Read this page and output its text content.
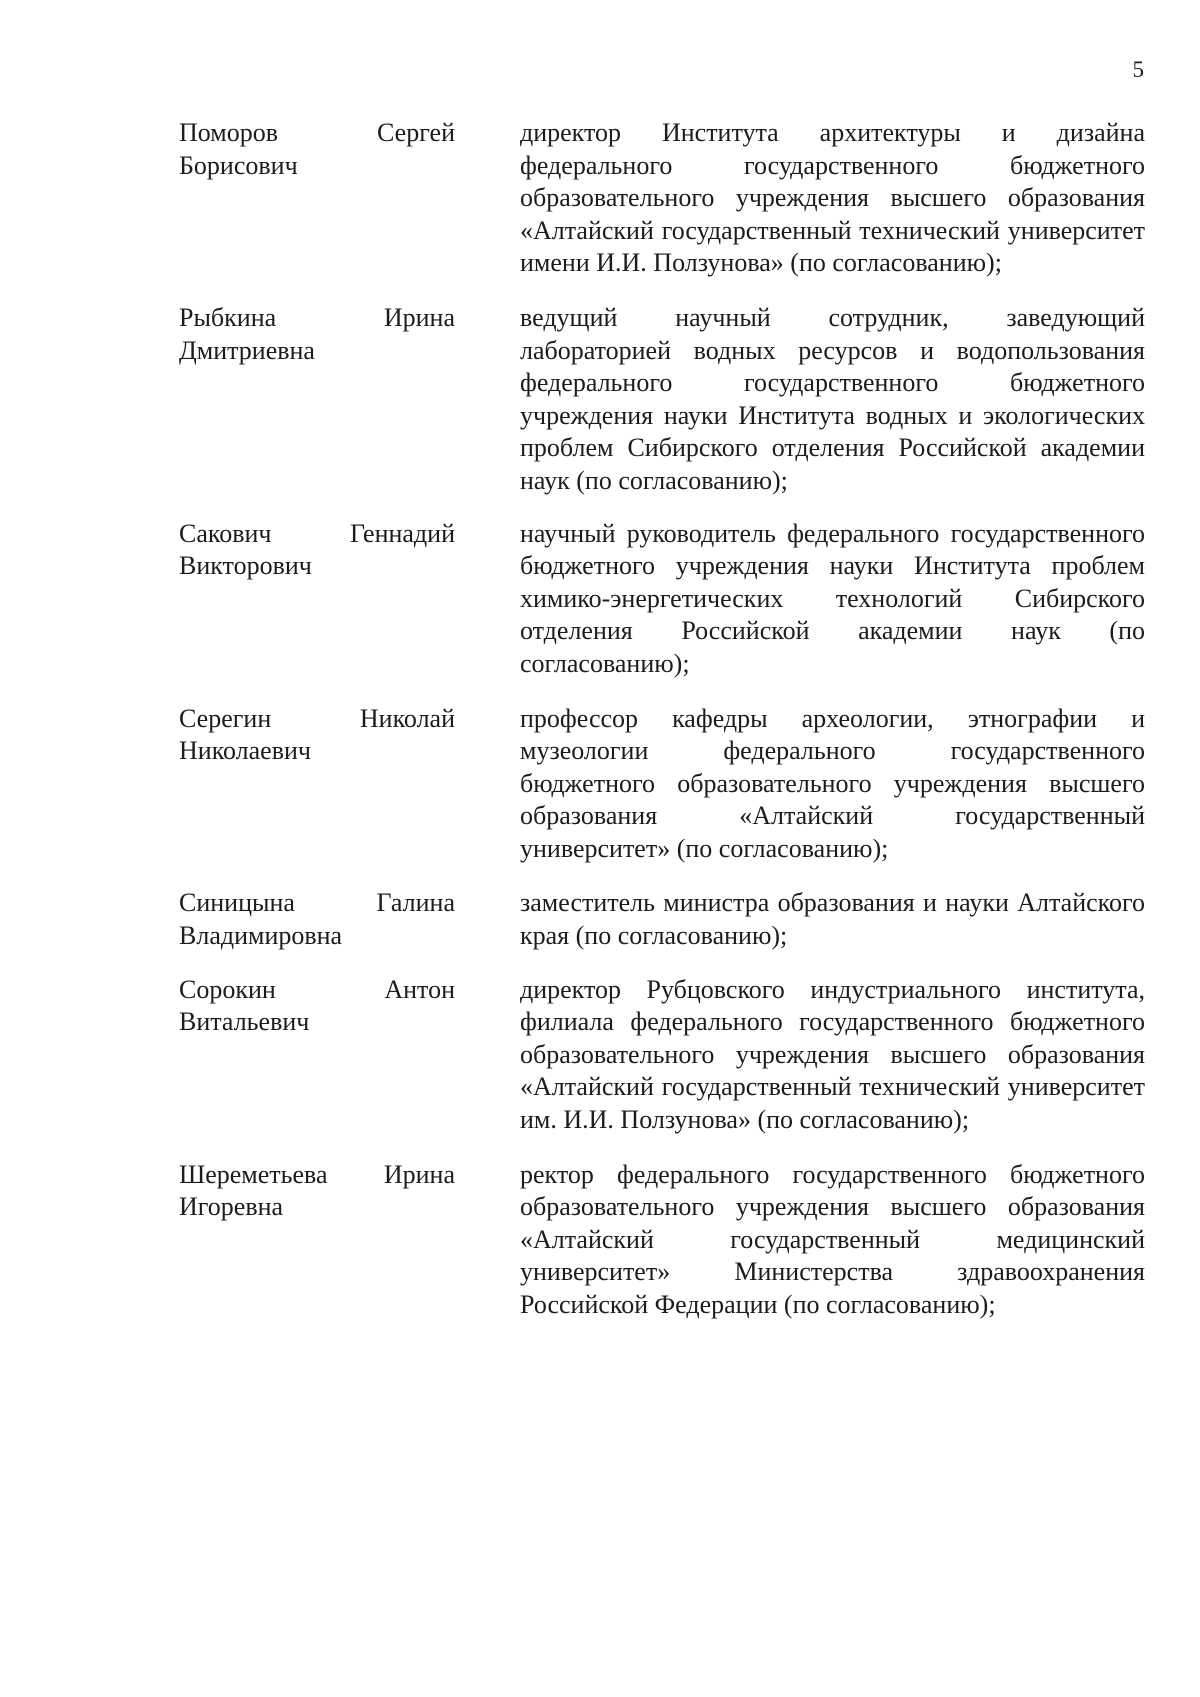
5
Поморов Сергей Борисович
директор Института архитектуры и дизайна федерального государственного бюджетного образовательного учреждения высшего образования «Алтайский государственный технический университет имени И.И. Ползунова» (по согласованию);
Рыбкина Ирина Дмитриевна
ведущий научный сотрудник, заведующий лабораторией водных ресурсов и водопользования федерального государственного бюджетного учреждения науки Института водных и экологических проблем Сибирского отделения Российской академии наук (по согласованию);
Сакович Геннадий Викторович
научный руководитель федерального государственного бюджетного учреждения науки Института проблем химико-энергетических технологий Сибирского отделения Российской академии наук (по согласованию);
Серегин Николай Николаевич
профессор кафедры археологии, этнографии и музеологии федерального государственного бюджетного образовательного учреждения высшего образования «Алтайский государственный университет» (по согласованию);
Синицына Галина Владимировна
заместитель министра образования и науки Алтайского края (по согласованию);
Сорокин Антон Витальевич
директор Рубцовского индустриального института, филиала федерального государственного бюджетного образовательного учреждения высшего образования «Алтайский государственный технический университет им. И.И. Ползунова» (по согласованию);
Шереметьева Ирина Игоревна
ректор федерального государственного бюджетного образовательного учреждения высшего образования «Алтайский государственный медицинский университет» Министерства здравоохранения Российской Федерации (по согласованию);
